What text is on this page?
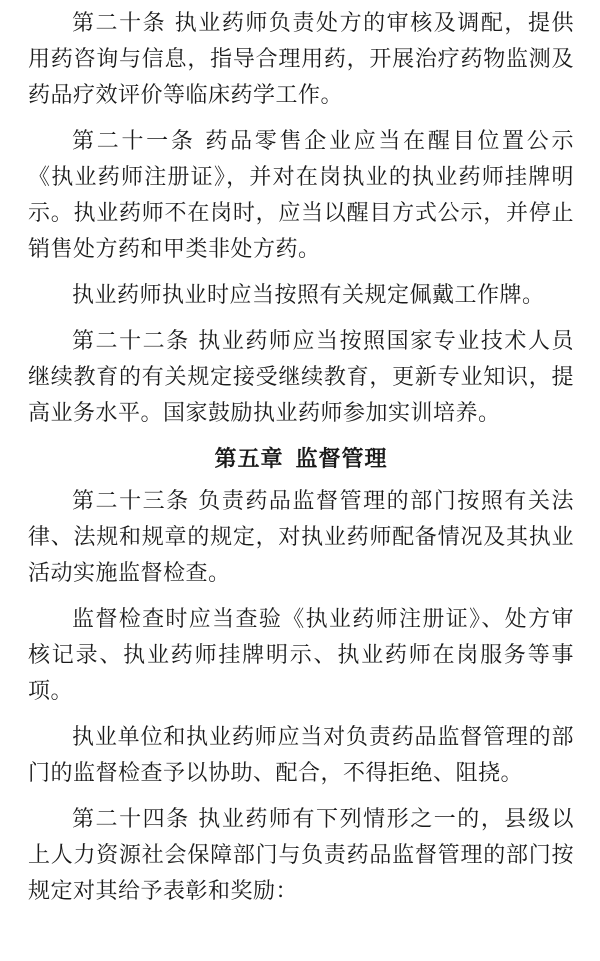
第二十条 执业药师负责处方的审核及调配，提供用药咨询与信息，指导合理用药，开展治疗药物监测及药品疗效评价等临床药学工作。

第二十一条 药品零售企业应当在醒目位置公示《执业药师注册证》，并对在岗执业的执业药师挂牌明示。执业药师不在岗时，应当以醒目方式公示，并停止销售处方药和甲类非处方药。

执业药师执业时应当按照有关规定佩戴工作牌。

第二十二条 执业药师应当按照国家专业技术人员继续教育的有关规定接受继续教育，更新专业知识，提高业务水平。国家鼓励执业药师参加实训培养。

第五章 监督管理

第二十三条 负责药品监督管理的部门按照有关法律、法规和规章的规定，对执业药师配备情况及其执业活动实施监督检查。

监督检查时应当查验《执业药师注册证》、处方审核记录、执业药师挂牌明示、执业药师在岗服务等事项。

执业单位和执业药师应当对负责药品监督管理的部门的监督检查予以协助、配合，不得拒绝、阻挠。

第二十四条 执业药师有下列情形之一的，县级以上人力资源社会保障部门与负责药品监督管理的部门按规定对其给予表彰和奖励：
